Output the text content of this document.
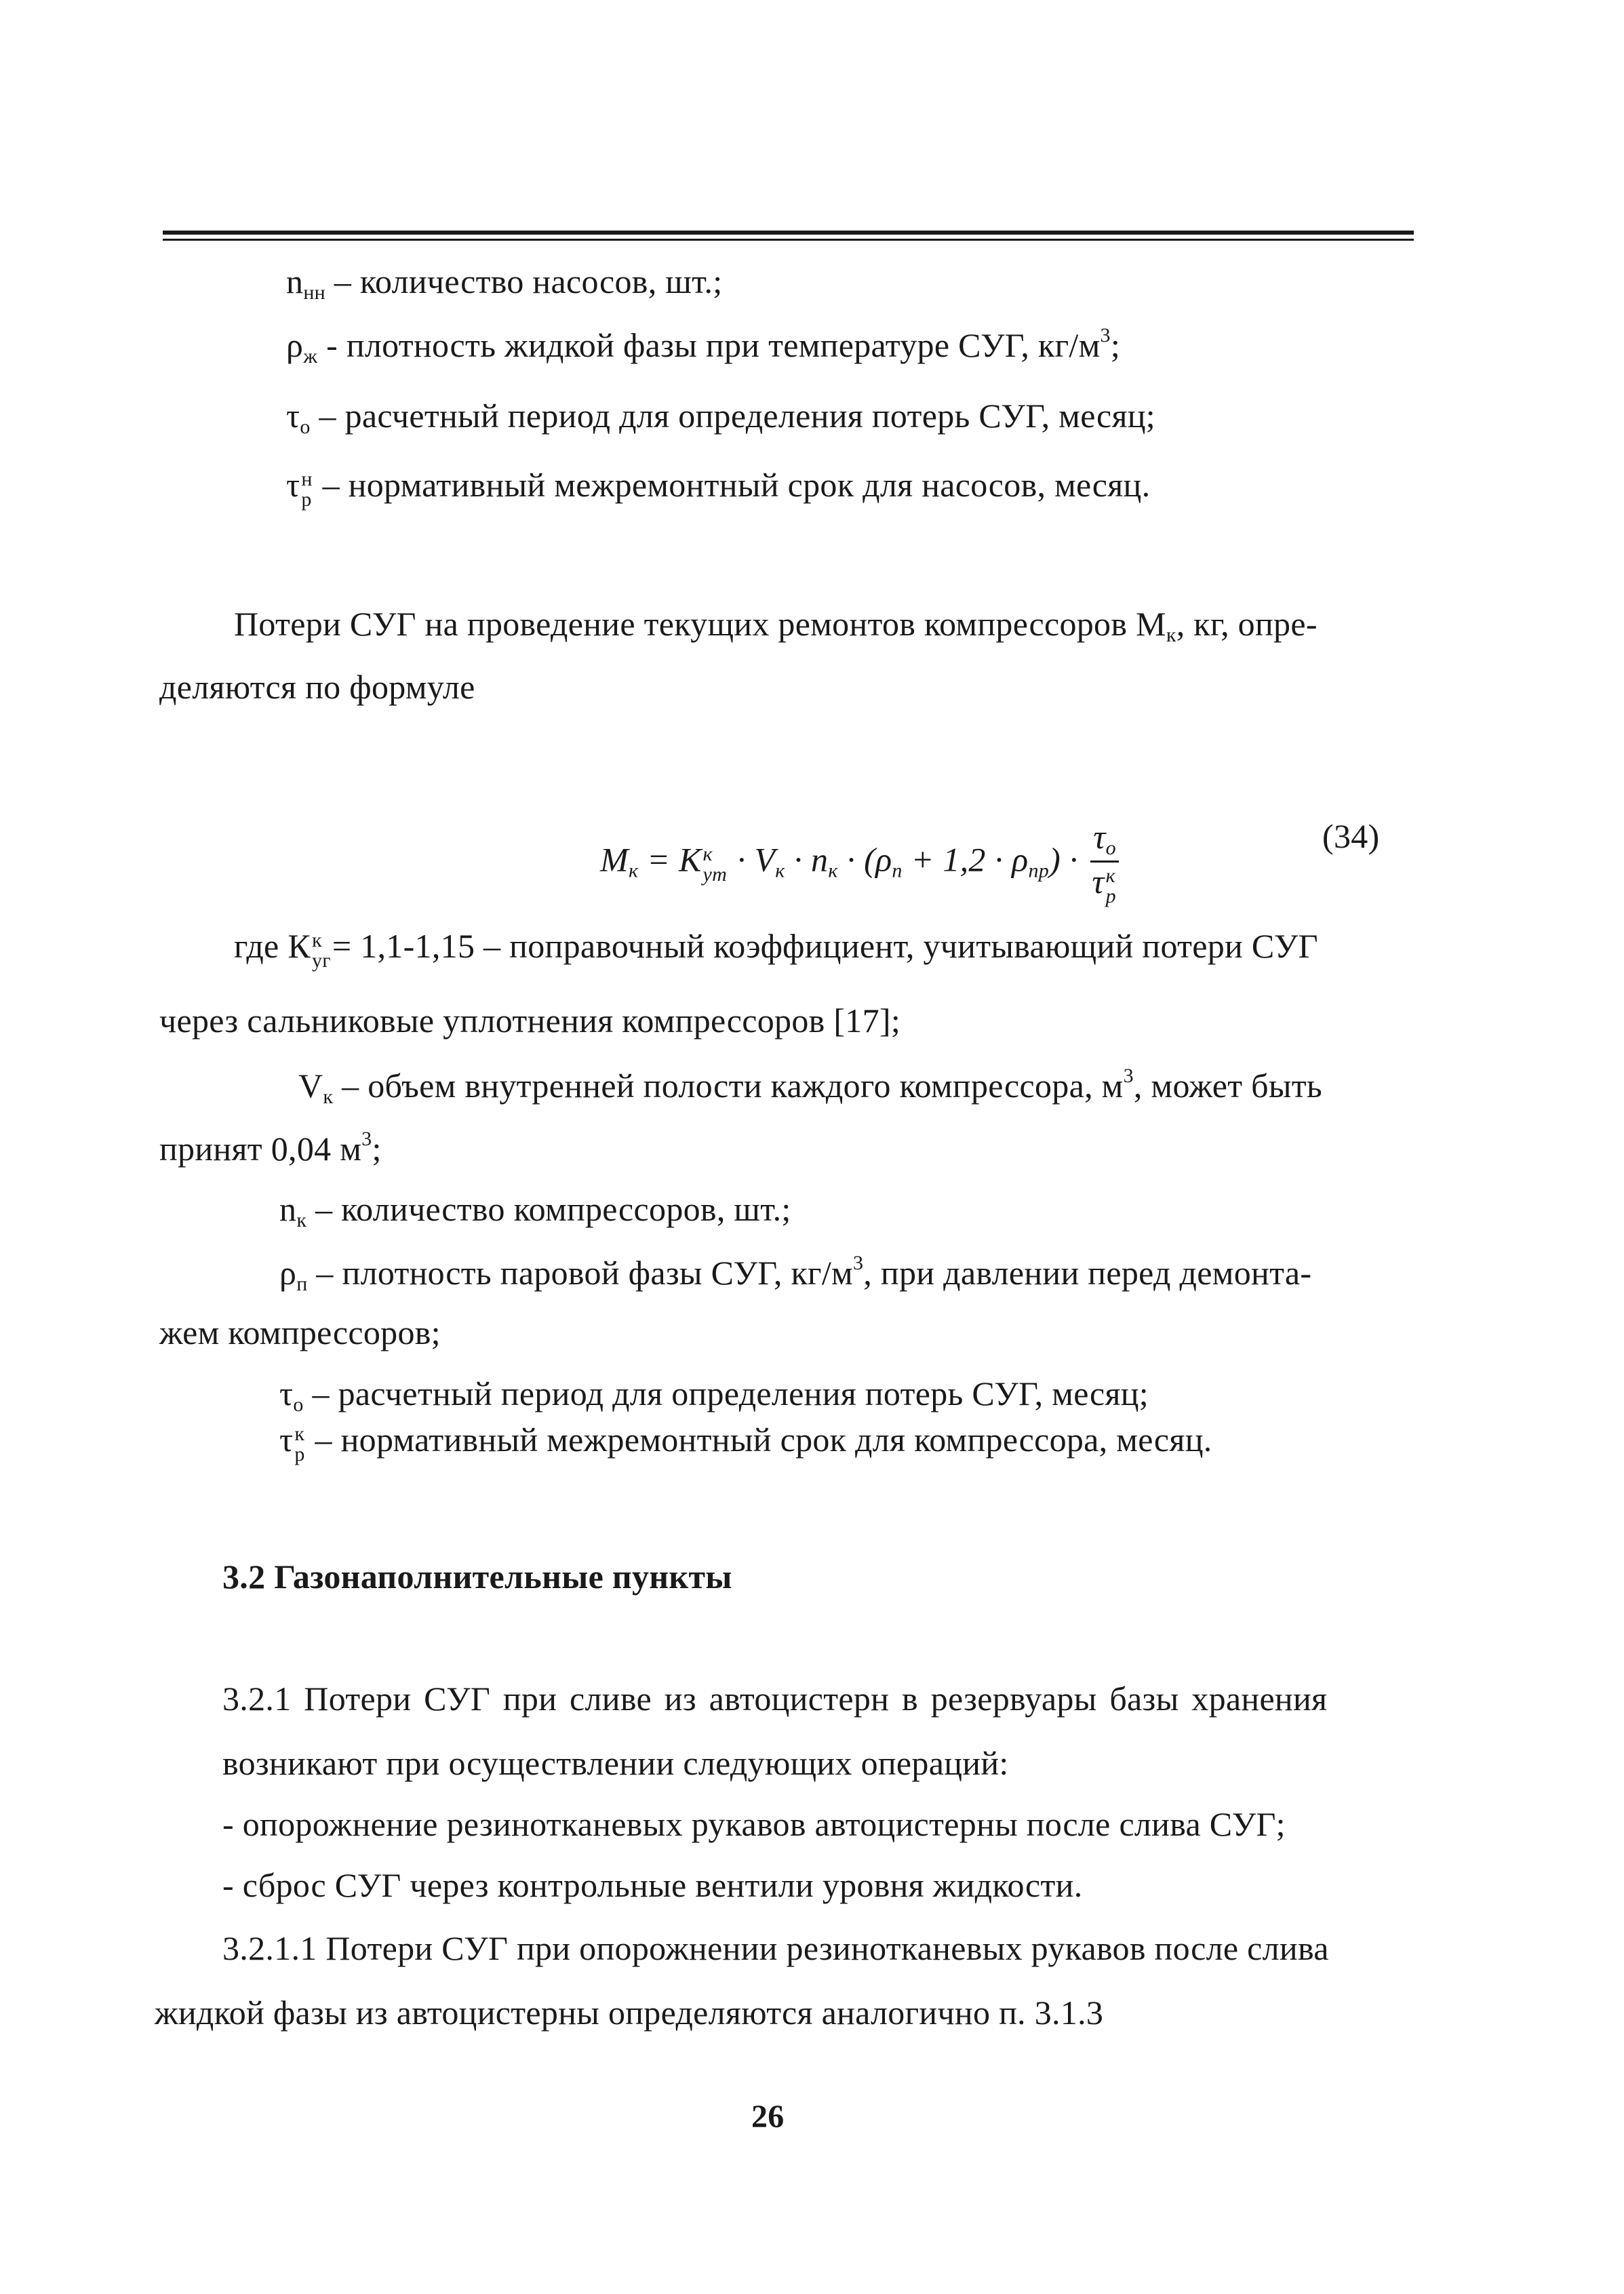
$n_{нн}$ – количество насосов, шт.;
$\rho_ж$ - плотность жидкой фазы при температуре СУГ, $кг/м^3$;
$\tau_о$ – расчетный период для определения потерь СУГ, месяц;
τ н
р – нормативный межремонтный срок для насосов, месяц.
Потери СУГ на проведение текущих ремонтов компрессоров $М_к$, кг, опре-
деляются по формуле
$М_к = К$ к
ут · $V_к \cdot n_к \cdot (\rho_п + 1,2 \cdot \rho_{пр}) \cdot \tau_о$
τ к
р	(34)
где К к
уг = 1,1-1,15 – поправочный коэффициент, учитывающий потери СУГ
через сальниковые уплотнения компрессоров [17];
$V_к$ – объем внутренней полости каждого компрессора, $м^3$, может быть
принят 0,04 $м^3$;
$n_к$ – количество компрессоров, шт.;
$\rho_п$ – плотность паровой фазы СУГ, $кг/м^3$, при давлении перед демонта-
жем компрессоров;
$\tau_о$ – расчетный период для определения потерь СУГ, месяц;
τ к
р – нормативный межремонтный срок для компрессора, месяц.
3.2 Газонаполнительные пункты
3.2.1 Потери СУГ при сливе из автоцистерн в резервуары базы хранения
возникают при осуществлении следующих операций:
- опорожнение резинотканевых рукавов автоцистерны после слива СУГ;
- сброс СУГ через контрольные вентили уровня жидкости.
3.2.1.1 Потери СУГ при опорожнении резинотканевых рукавов после слива
жидкой фазы из автоцистерны определяются аналогично п. 3.1.3
26
